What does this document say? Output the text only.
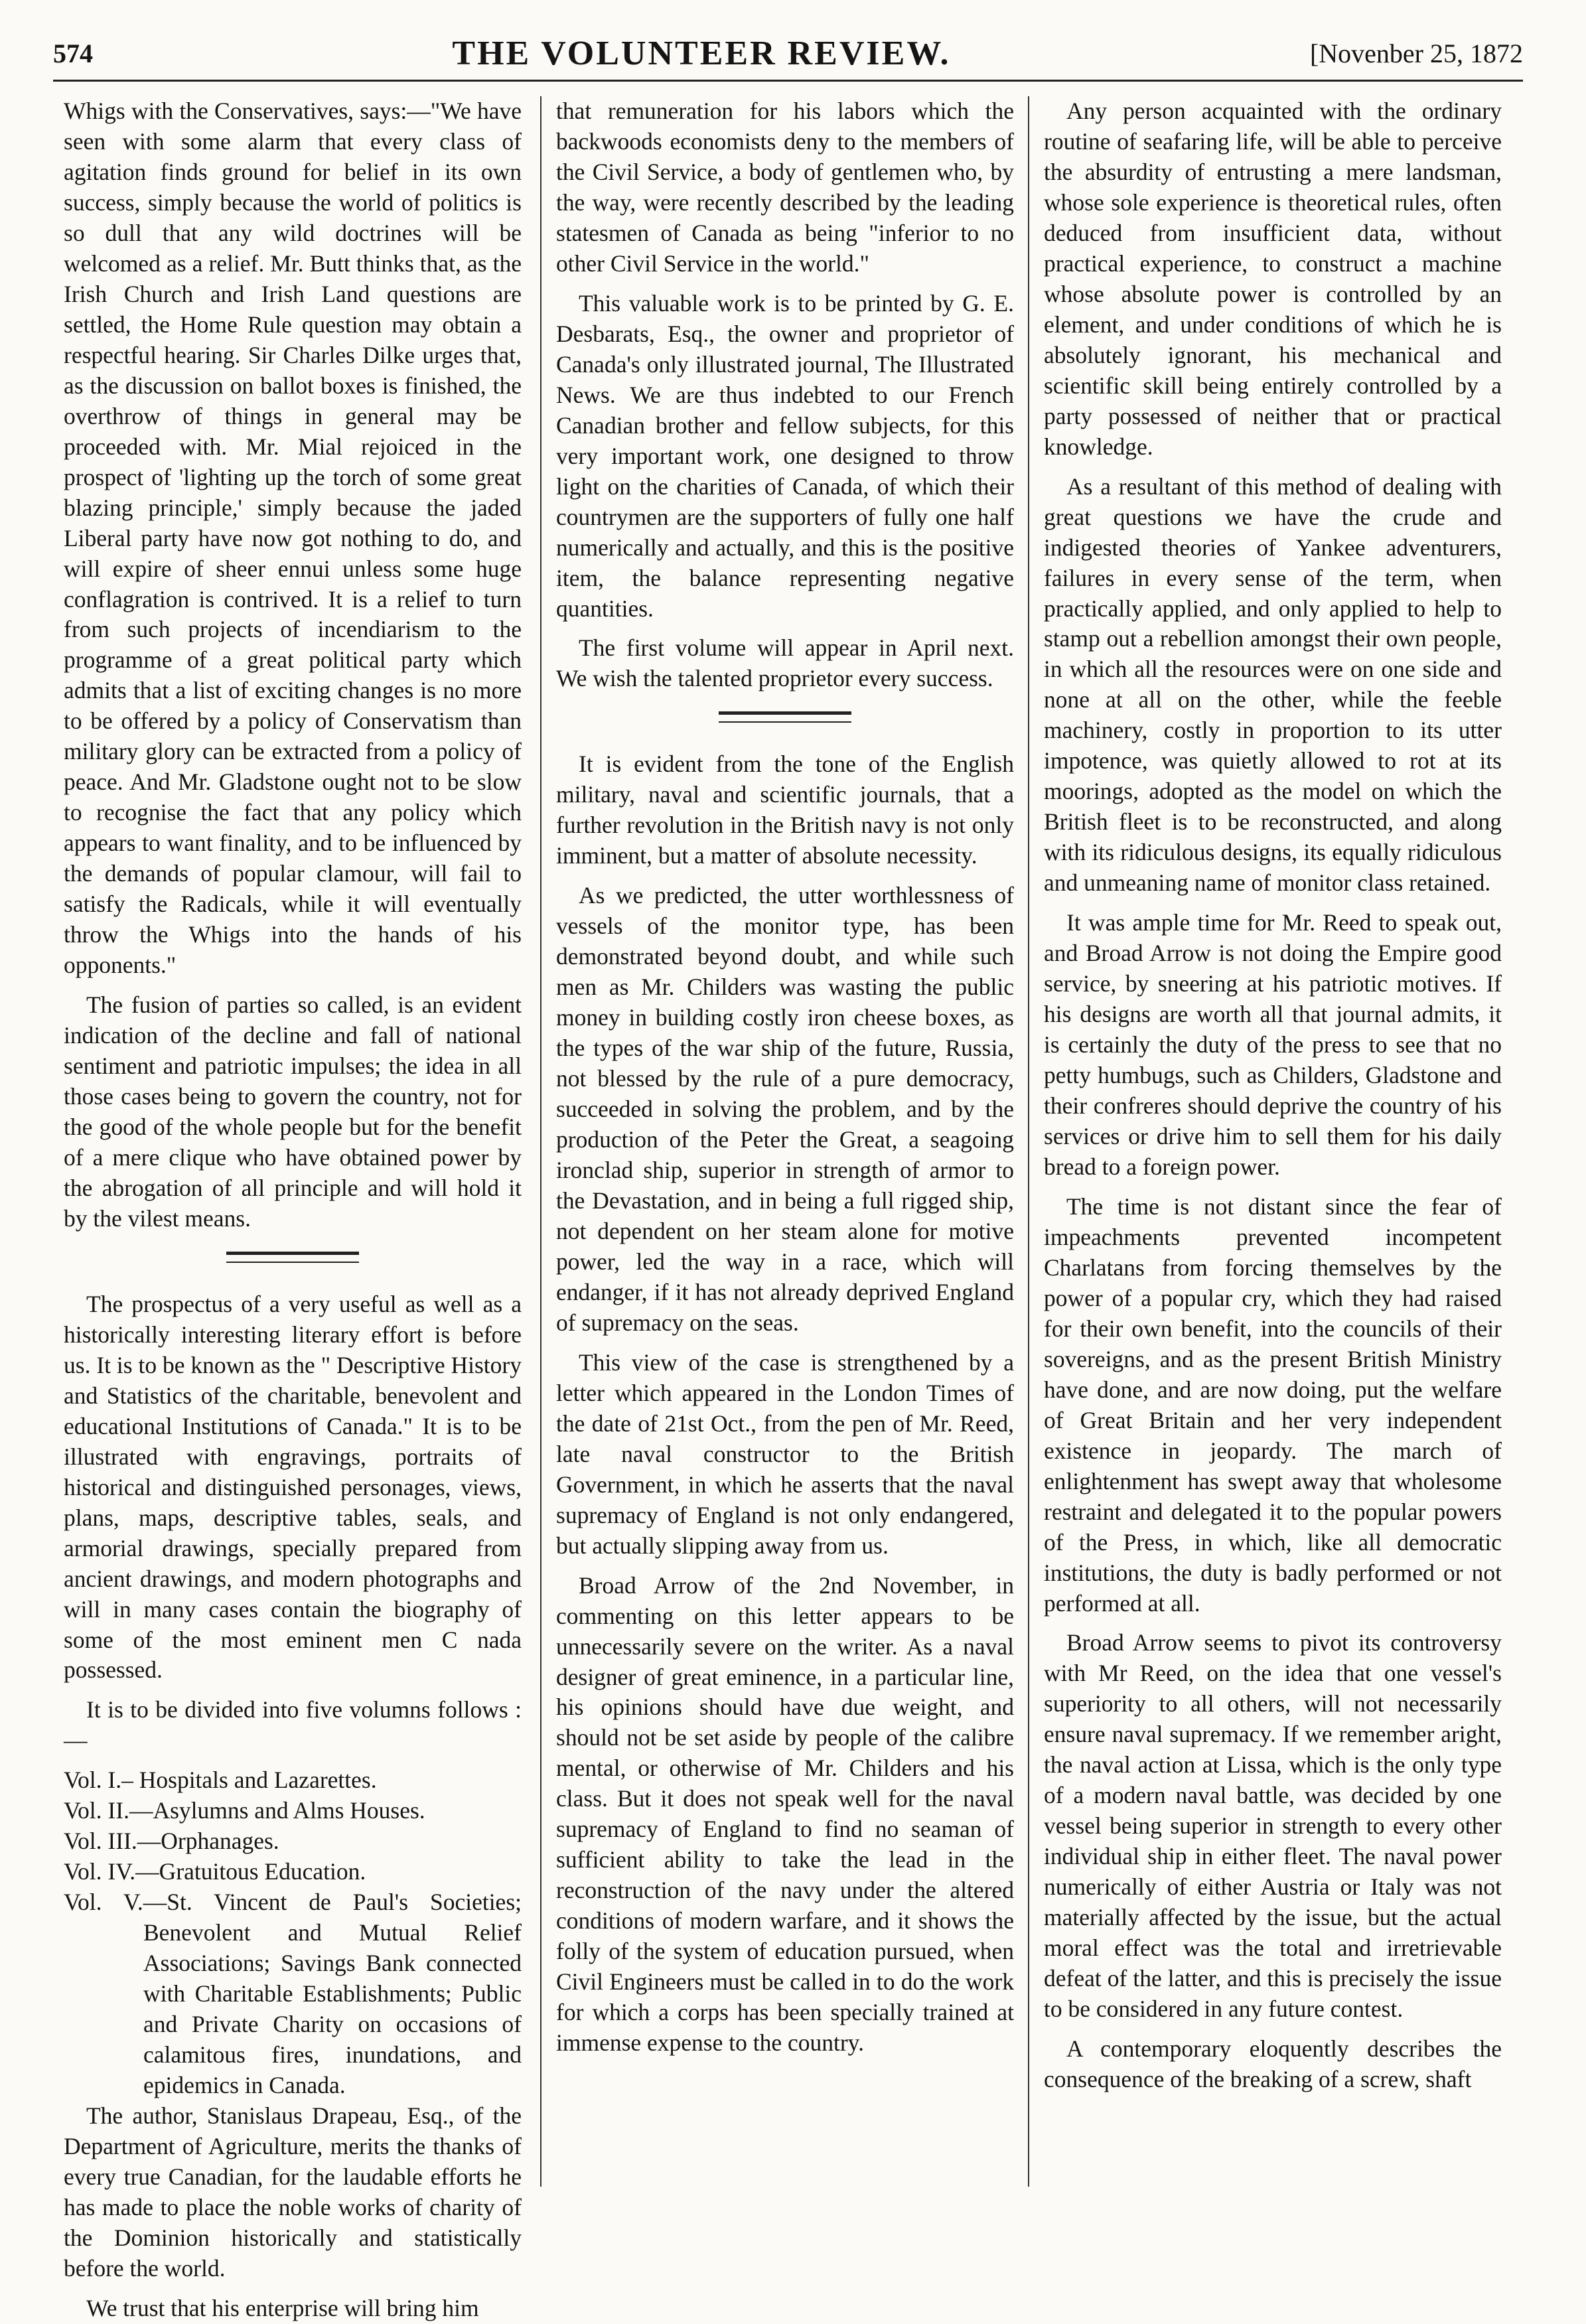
574	THE VOLUNTEER REVIEW.	[Novenber 25, 1872

Whigs with the Conservatives, says:—"We have seen with some alarm that every class of agitation finds ground for belief in its own success, simply because the world of politics is so dull that any wild doctrines will be welcomed as a relief. Mr. Butt thinks that, as the Irish Church and Irish Land questions are settled, the Home Rule question may obtain a respectful hearing. Sir Charles Dilke urges that, as the discussion on ballot boxes is finished, the overthrow of things in general may be proceeded with. Mr. Mial rejoiced in the prospect of 'lighting up the torch of some great blazing principle,' simply because the jaded Liberal party have now got nothing to do, and will expire of sheer ennui unless some huge conflagration is contrived. It is a relief to turn from such projects of incendiarism to the programme of a great political party which admits that a list of exciting changes is no more to be offered by a policy of Conservatism than military glory can be extracted from a policy of peace. And Mr. Gladstone ought not to be slow to recognise the fact that any policy which appears to want finality, and to be influenced by the demands of popular clamour, will fail to satisfy the Radicals, while it will eventually throw the Whigs into the hands of his opponents."

The fusion of parties so called, is an evident indication of the decline and fall of national sentiment and patriotic impulses; the idea in all those cases being to govern the country, not for the good of the whole people but for the benefit of a mere clique who have obtained power by the abrogation of all principle and will hold it by the vilest means.

The prospectus of a very useful as well as a historically interesting literary effort is before us. It is to be known as the " Descriptive History and Statistics of the charitable, benevolent and educational Institutions of Canada." It is to be illustrated with engravings, portraits of historical and distinguished personages, views, plans, maps, descriptive tables, seals, and armorial drawings, specially prepared from ancient drawings, and modern photographs and will in many cases contain the biography of some of the most eminent men C nada possessed.

It is to be divided into five volumns follows :—

Vol. I.– Hospitals and Lazarettes.

Vol. II.—Asylumns and Alms Houses.

Vol. III.—Orphanages.

Vol. IV.—Gratuitous Education.

Vol. V.—St. Vincent de Paul's Societies; Benevolent and Mutual Relief Associations; Savings Bank connected with Charitable Establishments; Public and Private Charity on occasions of calamitous fires, inundations, and epidemics in Canada.

The author, Stanislaus Drapeau, Esq., of the Department of Agriculture, merits the thanks of every true Canadian, for the laudable efforts he has made to place the noble works of charity of the Dominion historically and statistically before the world.

We trust that his enterprise will bring him

that remuneration for his labors which the backwoods economists deny to the members of the Civil Service, a body of gentlemen who, by the way, were recently described by the leading statesmen of Canada as being "inferior to no other Civil Service in the world."

This valuable work is to be printed by G. E. Desbarats, Esq., the owner and proprietor of Canada's only illustrated journal, The Illustrated News. We are thus indebted to our French Canadian brother and fellow subjects, for this very important work, one designed to throw light on the charities of Canada, of which their countrymen are the supporters of fully one half numerically and actually, and this is the positive item, the balance representing negative quantities.

The first volume will appear in April next. We wish the talented proprietor every success.

It is evident from the tone of the English military, naval and scientific journals, that a further revolution in the British navy is not only imminent, but a matter of absolute necessity.

As we predicted, the utter worthlessness of vessels of the monitor type, has been demonstrated beyond doubt, and while such men as Mr. Childers was wasting the public money in building costly iron cheese boxes, as the types of the war ship of the future, Russia, not blessed by the rule of a pure democracy, succeeded in solving the problem, and by the production of the Peter the Great, a seagoing ironclad ship, superior in strength of armor to the Devastation, and in being a full rigged ship, not dependent on her steam alone for motive power, led the way in a race, which will endanger, if it has not already deprived England of supremacy on the seas.

This view of the case is strengthened by a letter which appeared in the London Times of the date of 21st Oct., from the pen of Mr. Reed, late naval constructor to the British Government, in which he asserts that the naval supremacy of England is not only endangered, but actually slipping away from us.

Broad Arrow of the 2nd November, in commenting on this letter appears to be unnecessarily severe on the writer. As a naval designer of great eminence, in a particular line, his opinions should have due weight, and should not be set aside by people of the calibre mental, or otherwise of Mr. Childers and his class. But it does not speak well for the naval supremacy of England to find no seaman of sufficient ability to take the lead in the reconstruction of the navy under the altered conditions of modern warfare, and it shows the folly of the system of education pursued, when Civil Engineers must be called in to do the work for which a corps has been specially trained at immense expense to the country.

Any person acquainted with the ordinary routine of seafaring life, will be able to perceive the absurdity of entrusting a mere landsman, whose sole experience is theoretical rules, often deduced from insufficient data, without practical experience, to construct a machine whose absolute power is controlled by an element, and under conditions of which he is absolutely ignorant, his mechanical and scientific skill being entirely controlled by a party possessed of neither that or practical knowledge.

As a resultant of this method of dealing with great questions we have the crude and indigested theories of Yankee adventurers, failures in every sense of the term, when practically applied, and only applied to help to stamp out a rebellion amongst their own people, in which all the resources were on one side and none at all on the other, while the feeble machinery, costly in proportion to its utter impotence, was quietly allowed to rot at its moorings, adopted as the model on which the British fleet is to be reconstructed, and along with its ridiculous designs, its equally ridiculous and unmeaning name of monitor class retained.

It was ample time for Mr. Reed to speak out, and Broad Arrow is not doing the Empire good service, by sneering at his patriotic motives. If his designs are worth all that journal admits, it is certainly the duty of the press to see that no petty humbugs, such as Childers, Gladstone and their confreres should deprive the country of his services or drive him to sell them for his daily bread to a foreign power.

The time is not distant since the fear of impeachments prevented incompetent Charlatans from forcing themselves by the power of a popular cry, which they had raised for their own benefit, into the councils of their sovereigns, and as the present British Ministry have done, and are now doing, put the welfare of Great Britain and her very independent existence in jeopardy. The march of enlightenment has swept away that wholesome restraint and delegated it to the popular powers of the Press, in which, like all democratic institutions, the duty is badly performed or not performed at all.

Broad Arrow seems to pivot its controversy with Mr Reed, on the idea that one vessel's superiority to all others, will not necessarily ensure naval supremacy. If we remember aright, the naval action at Lissa, which is the only type of a modern naval battle, was decided by one vessel being superior in strength to every other individual ship in either fleet. The naval power numerically of either Austria or Italy was not materially affected by the issue, but the actual moral effect was the total and irretrievable defeat of the latter, and this is precisely the issue to be considered in any future contest.

A contemporary eloquently describes the consequence of the breaking of a screw, shaft
